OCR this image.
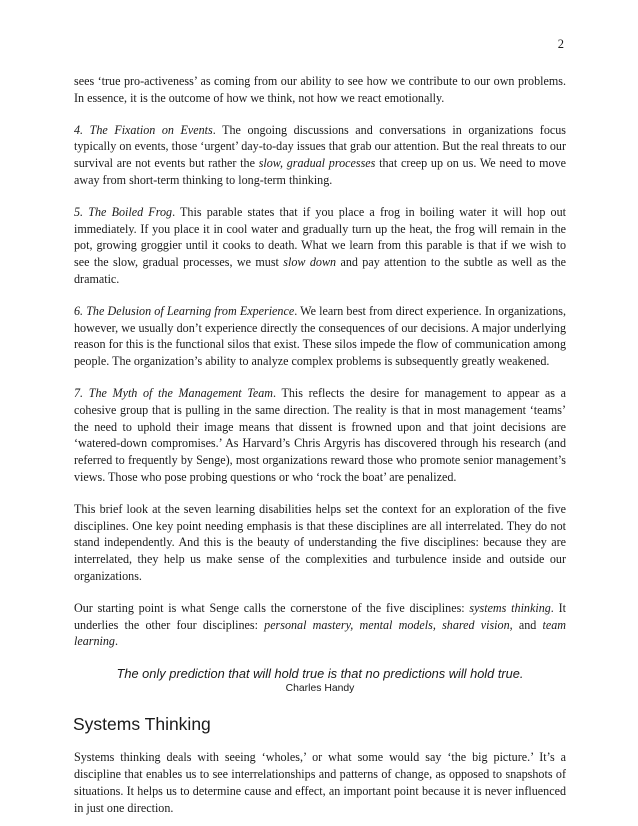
2

sees ‘true pro-activeness’ as coming from our ability to see how we contribute to our own problems. In essence, it is the outcome of how we think, not how we react emotionally.

4. The Fixation on Events. The ongoing discussions and conversations in organizations focus typically on events, those ‘urgent’ day-to-day issues that grab our attention. But the real threats to our survival are not events but rather the slow, gradual processes that creep up on us. We need to move away from short-term thinking to long-term thinking.

5. The Boiled Frog. This parable states that if you place a frog in boiling water it will hop out immediately. If you place it in cool water and gradually turn up the heat, the frog will remain in the pot, growing groggier until it cooks to death. What we learn from this parable is that if we wish to see the slow, gradual processes, we must slow down and pay attention to the subtle as well as the dramatic.

6. The Delusion of Learning from Experience. We learn best from direct experience. In organizations, however, we usually don’t experience directly the consequences of our decisions. A major underlying reason for this is the functional silos that exist. These silos impede the flow of communication among people. The organization’s ability to analyze complex problems is subsequently greatly weakened.

7. The Myth of the Management Team. This reflects the desire for management to appear as a cohesive group that is pulling in the same direction. The reality is that in most management ‘teams’ the need to uphold their image means that dissent is frowned upon and that joint decisions are ‘watered-down compromises.’ As Harvard’s Chris Argyris has discovered through his research (and referred to frequently by Senge), most organizations reward those who promote senior management’s views. Those who pose probing questions or who ‘rock the boat’ are penalized.

This brief look at the seven learning disabilities helps set the context for an exploration of the five disciplines. One key point needing emphasis is that these disciplines are all interrelated. They do not stand independently. And this is the beauty of understanding the five disciplines: because they are interrelated, they help us make sense of the complexities and turbulence inside and outside our organizations.

Our starting point is what Senge calls the cornerstone of the five disciplines: systems thinking. It underlies the other four disciplines: personal mastery, mental models, shared vision, and team learning.

The only prediction that will hold true is that no predictions will hold true.
Charles Handy
Systems Thinking

Systems thinking deals with seeing ‘wholes,’ or what some would say ‘the big picture.’ It’s a discipline that enables us to see interrelationships and patterns of change, as opposed to snapshots of situations. It helps us to determine cause and effect, an important point because it is never influenced in just one direction.
